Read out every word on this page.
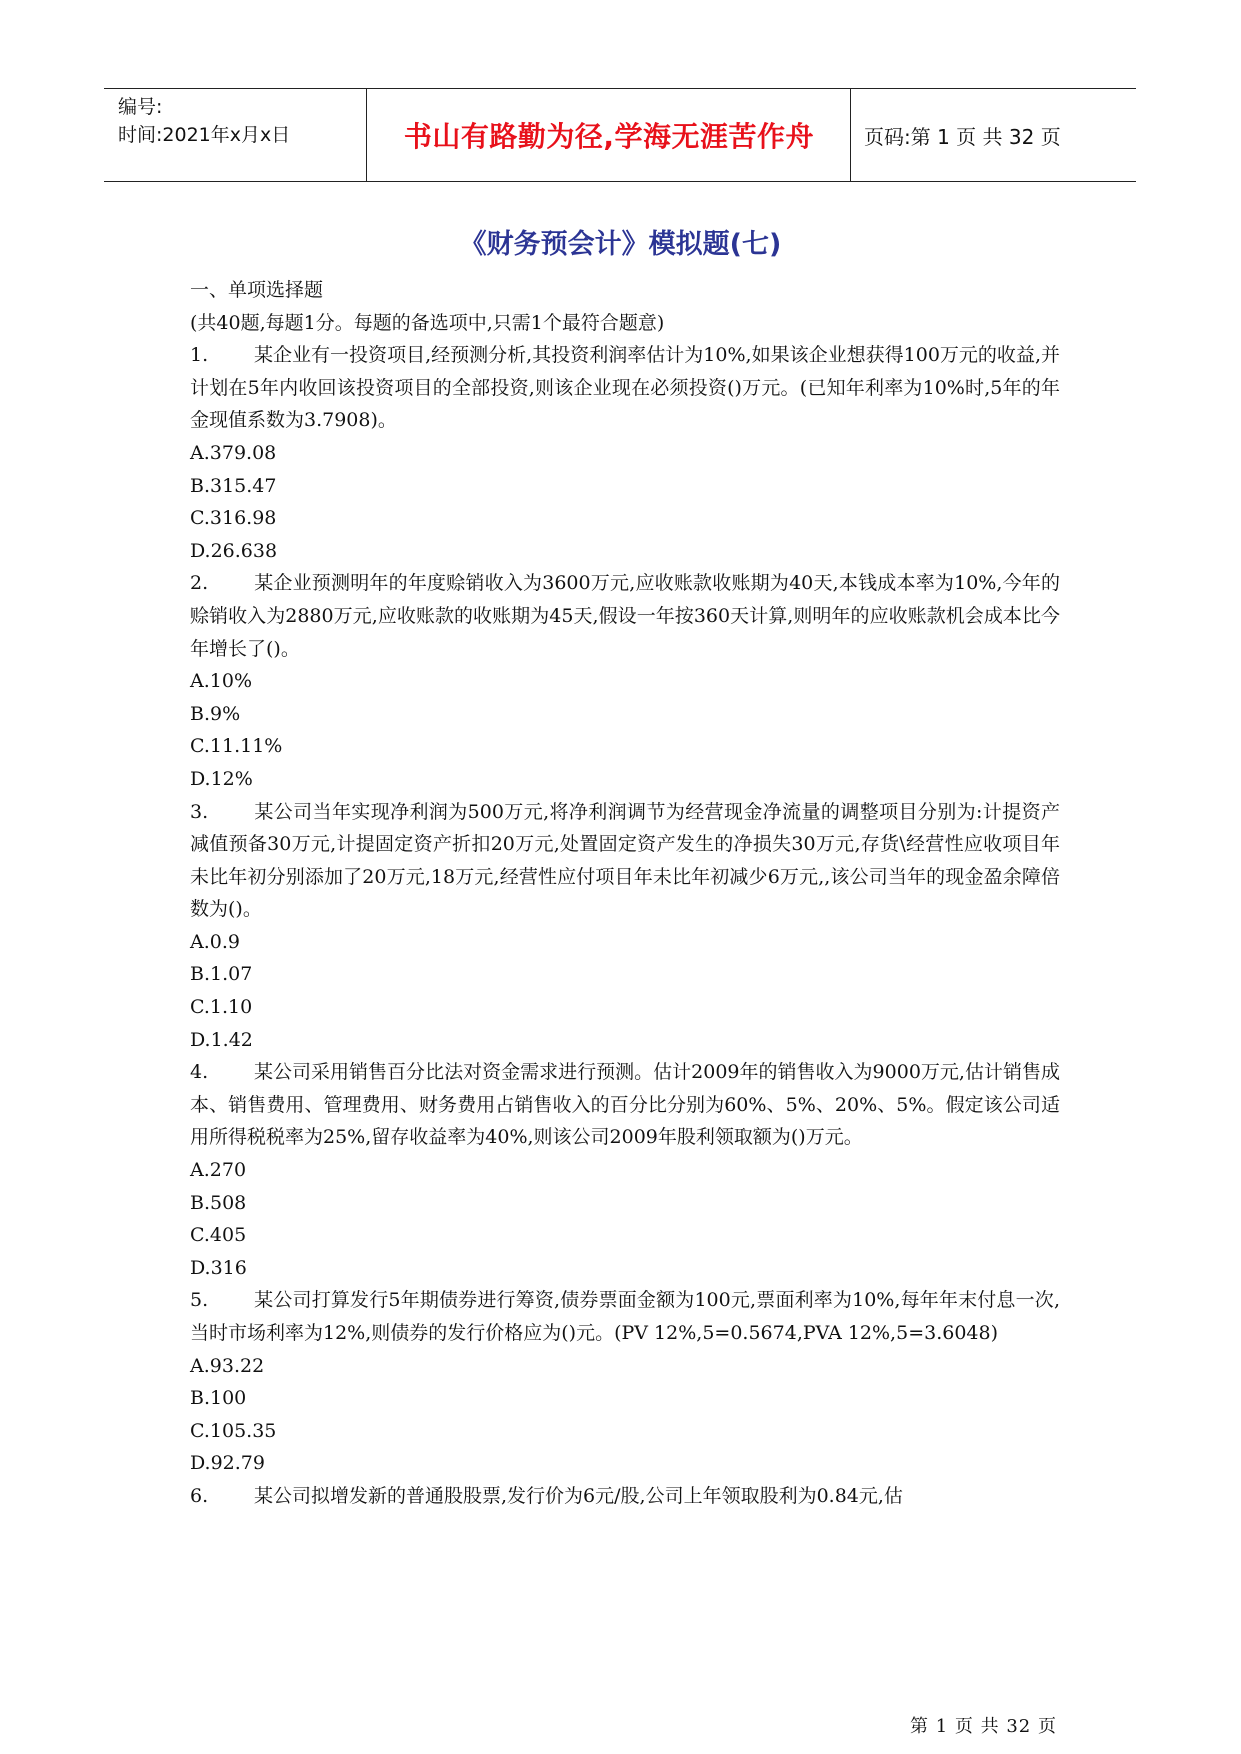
编号:
时间:2021年x月x日	书山有路勤为径,学海无涯苦作舟	页码:第 1 页 共 32 页
《财务预会计》模拟题(七)

一、单项选择题

(共40题,每题1分。每题的备选项中,只需1个最符合题意)

1. 某企业有一投资项目,经预测分析,其投资利润率估计为10%,如果该企业想获得100万元的收益,并计划在5年内收回该投资项目的全部投资,则该企业现在必须投资()万元。(已知年利率为10%时,5年的年金现值系数为3.7908)。

A.379.08

B.315.47

C.316.98

D.26.638

2. 某企业预测明年的年度赊销收入为3600万元,应收账款收账期为40天,本钱成本率为10%,今年的赊销收入为2880万元,应收账款的收账期为45天,假设一年按360天计算,则明年的应收账款机会成本比今年增长了()。

A.10%

B.9%

C.11.11%

D.12%

3. 某公司当年实现净利润为500万元,将净利润调节为经营现金净流量的调整项目分别为:计提资产减值预备30万元,计提固定资产折扣20万元,处置固定资产发生的净损失30万元,存货\经营性应收项目年未比年初分别添加了20万元,18万元,经营性应付项目年未比年初减少6万元,,该公司当年的现金盈余障倍数为()。

A.0.9

B.1.07

C.1.10

D.1.42

4. 某公司采用销售百分比法对资金需求进行预测。估计2009年的销售收入为9000万元,估计销售成本、销售费用、管理费用、财务费用占销售收入的百分比分别为60%、5%、20%、5%。假定该公司适用所得税税率为25%,留存收益率为40%,则该公司2009年股利领取额为()万元。

A.270

B.508

C.405

D.316

5. 某公司打算发行5年期债券进行筹资,债券票面金额为100元,票面利率为10%,每年年末付息一次,当时市场利率为12%,则债券的发行价格应为()元。(PV 12%,5=0.5674,PVA 12%,5=3.6048)

A.93.22

B.100

C.105.35

D.92.79

6. 某公司拟增发新的普通股股票,发行价为6元/股,公司上年领取股利为0.84元,估

第 1 页 共 32 页
